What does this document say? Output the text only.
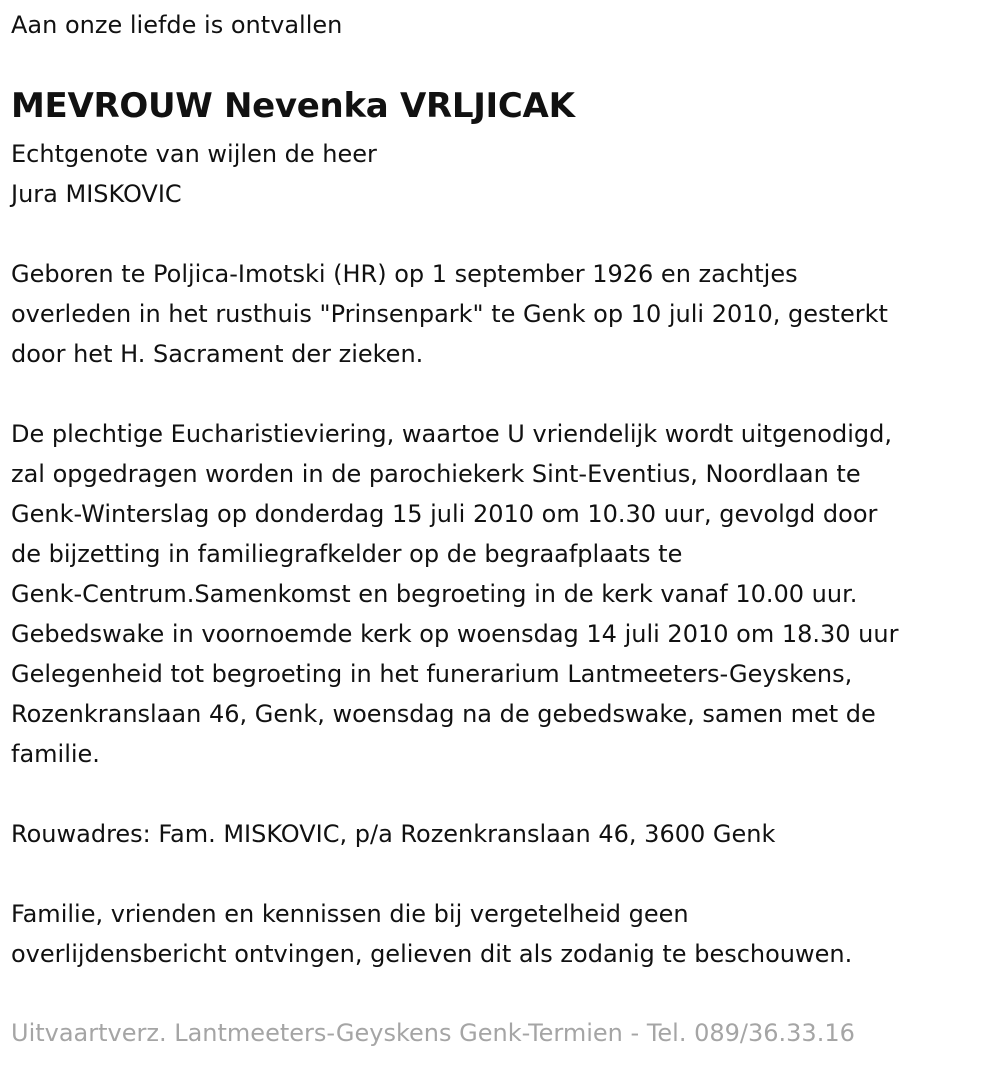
Aan onze liefde is ontvallen
MEVROUW Nevenka VRLJICAK
Echtgenote van wijlen de heer
Jura MISKOVIC
Geboren te Poljica-Imotski (HR) op 1 september 1926 en zachtjes
overleden in het rusthuis "Prinsenpark" te Genk op 10 juli 2010, gesterkt
door het H. Sacrament der zieken.
De plechtige Eucharistieviering, waartoe U vriendelijk wordt uitgenodigd,
zal opgedragen worden in de parochiekerk Sint-Eventius, Noordlaan te
Genk-Winterslag op donderdag 15 juli 2010 om 10.30 uur, gevolgd door
de bijzetting in familiegrafkelder op de begraafplaats te
Genk-Centrum.Samenkomst en begroeting in de kerk vanaf 10.00 uur.
Gebedswake in voornoemde kerk op woensdag 14 juli 2010 om 18.30 uur
Gelegenheid tot begroeting in het funerarium Lantmeeters-Geyskens,
Rozenkranslaan 46, Genk, woensdag na de gebedswake, samen met de
familie.
Rouwadres: Fam. MISKOVIC, p/a Rozenkranslaan 46, 3600 Genk
Familie, vrienden en kennissen die bij vergetelheid geen
overlijdensbericht ontvingen, gelieven dit als zodanig te beschouwen.
Uitvaartverz. Lantmeeters-Geyskens Genk-Termien - Tel. 089/36.33.16
